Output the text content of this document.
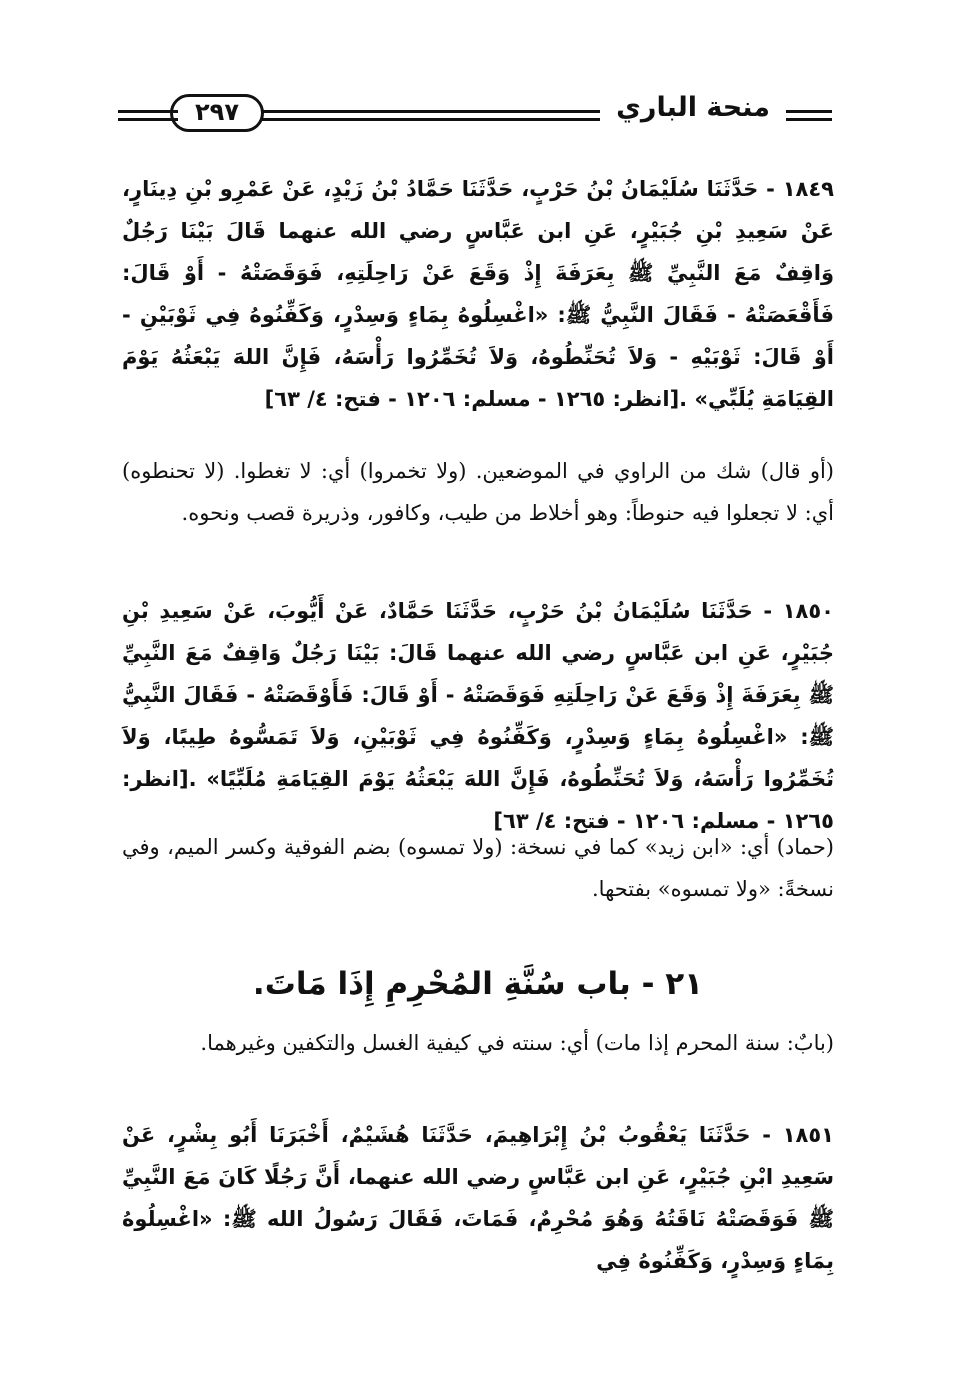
منحة الباري
٢٩٧

١٨٤٩ - حَدَّثَنَا سُلَيْمَانُ بْنُ حَرْبٍ، حَدَّثَنَا حَمَّادُ بْنُ زَيْدٍ، عَنْ عَمْرِو بْنِ دِينَارٍ، عَنْ سَعِيدِ بْنِ جُبَيْرٍ، عَنِ ابن عَبَّاسٍ رضي الله عنهما قَالَ بَيْنَا رَجُلٌ وَاقِفٌ مَعَ النَّبِيِّ ﷺ بِعَرَفَةَ إِذْ وَقَعَ عَنْ رَاحِلَتِهِ، فَوَقَصَتْهُ - أَوْ قَالَ: فَأَقْعَصَتْهُ - فَقَالَ النَّبِيُّ ﷺ: «اغْسِلُوهُ بِمَاءٍ وَسِدْرٍ، وَكَفِّنُوهُ فِي ثَوْبَيْنِ - أَوْ قَالَ: ثَوْبَيْهِ - وَلاَ تُحَنِّطُوهُ، وَلاَ تُخَمِّرُوا رَأْسَهُ، فَإِنَّ اللهَ يَبْعَثُهُ يَوْمَ القِيَامَةِ يُلَبِّي» .[انظر: ١٢٦٥ - مسلم: ١٢٠٦ - فتح: ٤/ ٦٣]

(أو قال) شك من الراوي في الموضعين. (ولا تخمروا) أي: لا تغطوا. (لا تحنطوه) أي: لا تجعلوا فيه حنوطاً: وهو أخلاط من طيب، وكافور، وذريرة قصب ونحوه.

١٨٥٠ - حَدَّثَنَا سُلَيْمَانُ بْنُ حَرْبٍ، حَدَّثَنَا حَمَّادٌ، عَنْ أَيُّوبَ، عَنْ سَعِيدِ بْنِ جُبَيْرٍ، عَنِ ابن عَبَّاسٍ رضي الله عنهما قَالَ: بَيْنَا رَجُلٌ وَاقِفٌ مَعَ النَّبِيِّ ﷺ بِعَرَفَةَ إِذْ وَقَعَ عَنْ رَاحِلَتِهِ فَوَقَصَتْهُ - أَوْ قَالَ: فَأَوْقَصَتْهُ - فَقَالَ النَّبِيُّ ﷺ: «اغْسِلُوهُ بِمَاءٍ وَسِدْرٍ، وَكَفِّنُوهُ فِي ثَوْبَيْنِ، وَلاَ تَمَسُّوهُ طِيبًا، وَلاَ تُخَمِّرُوا رَأْسَهُ، وَلاَ تُحَنِّطُوهُ، فَإِنَّ اللهَ يَبْعَثُهُ يَوْمَ القِيَامَةِ مُلَبِّيًا» .[انظر: ١٢٦٥ - مسلم: ١٢٠٦ - فتح: ٤/ ٦٣]

(حماد) أي: «ابن زيد» كما في نسخة: (ولا تمسوه) بضم الفوقية وكسر الميم، وفي نسخةً: «ولا تمسوه» بفتحها.

٢١ - باب سُنَّةِ المُحْرِمِ إِذَا مَاتَ.

(بابٌ: سنة المحرم إذا مات) أي: سنته في كيفية الغسل والتكفين وغيرهما.

١٨٥١ - حَدَّثَنَا يَعْقُوبُ بْنُ إِبْرَاهِيمَ، حَدَّثَنَا هُشَيْمٌ، أَخْبَرَنَا أَبُو بِشْرٍ، عَنْ سَعِيدِ ابْنِ جُبَيْرٍ، عَنِ ابن عَبَّاسٍ رضي الله عنهما، أَنَّ رَجُلًا كَانَ مَعَ النَّبِيِّ ﷺ فَوَقَصَتْهُ نَاقَتُهُ وَهُوَ مُحْرِمٌ، فَمَاتَ، فَقَالَ رَسُولُ الله ﷺ: «اغْسِلُوهُ بِمَاءٍ وَسِدْرٍ، وَكَفِّنُوهُ فِي
